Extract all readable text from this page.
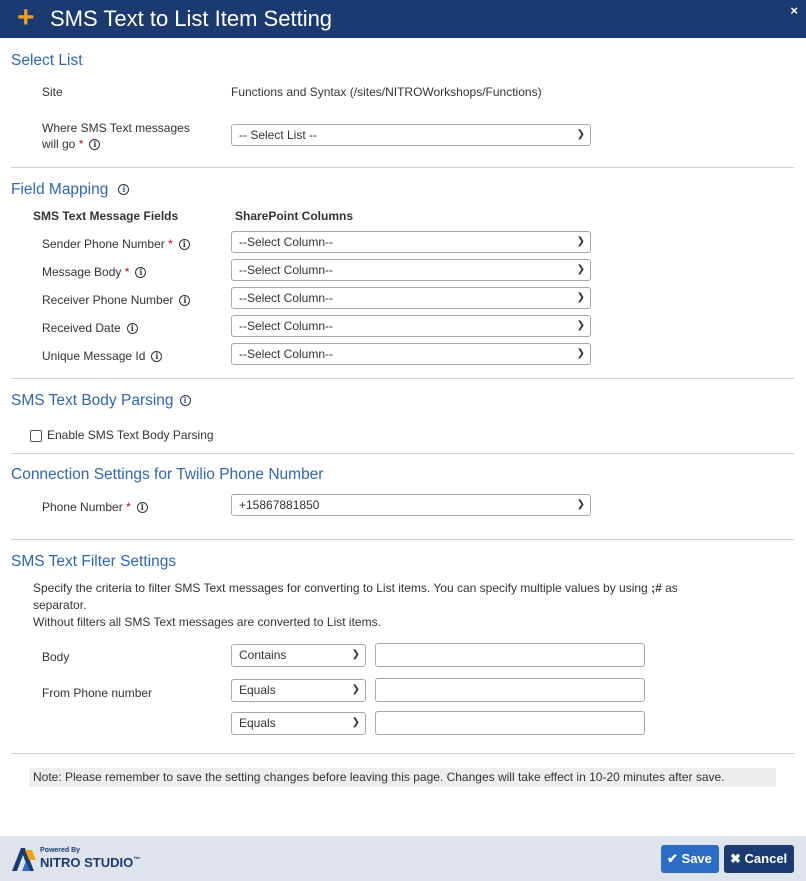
+ SMS Text to List Item Setting	×
Select List
Site	Functions and Syntax (/sites/NITROWorkshops/Functions)
Where SMS Text messages
will go * i
-- Select List --	❯
Field Mapping i
SMS Text Message Fields	SharePoint Columns
Sender Phone Number * i	--Select Column--	❯
Message Body * i	--Select Column--	❯
Receiver Phone Number i	--Select Column--	❯
Received Date i	--Select Column--	❯
Unique Message Id i	--Select Column--	❯
SMS Text Body Parsing i
Enable SMS Text Body Parsing
Connection Settings for Twilio Phone Number
Phone Number * i	+15867881850	❯
SMS Text Filter Settings
Specify the criteria to filter SMS Text messages for converting to List items. You can specify multiple values by using ;# as
separator.
Without filters all SMS Text messages are converted to List items.
Body	Contains	❯
From Phone number	Equals	❯
Equals	❯
Note: Please remember to save the setting changes before leaving this page. Changes will take effect in 10-20 minutes after save.
Powered By
NITRO STUDIO™	✔ Save	✖ Cancel
